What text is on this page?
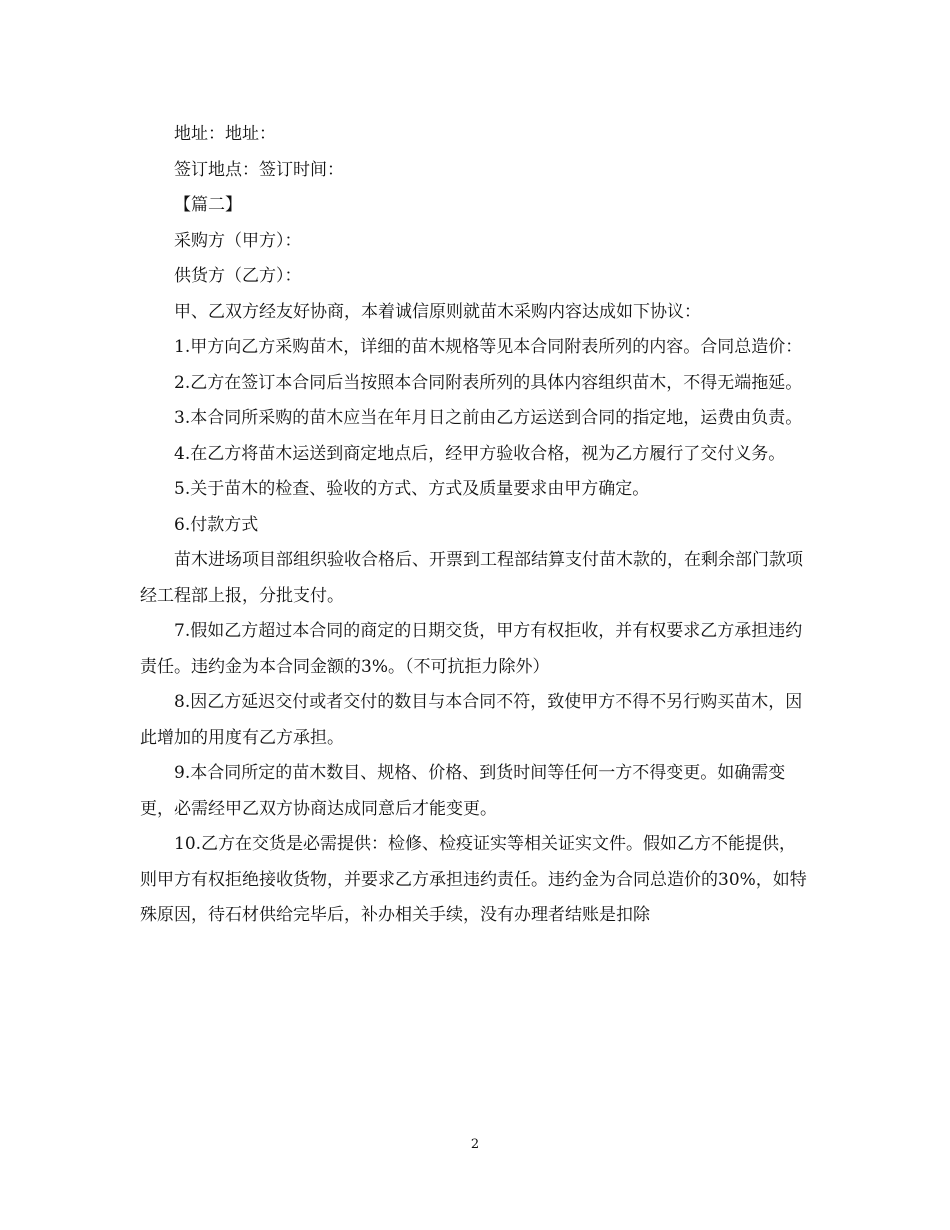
地址：地址：

签订地点：签订时间：

【篇二】

采购方（甲方）：

供货方（乙方）：

甲、乙双方经友好协商，本着诚信原则就苗木采购内容达成如下协议：

1.甲方向乙方采购苗木，详细的苗木规格等见本合同附表所列的内容。合同总造价：

2.乙方在签订本合同后当按照本合同附表所列的具体内容组织苗木，不得无端拖延。

3.本合同所采购的苗木应当在年月日之前由乙方运送到合同的指定地，运费由负责。

4.在乙方将苗木运送到商定地点后，经甲方验收合格，视为乙方履行了交付义务。

5.关于苗木的检查、验收的方式、方式及质量要求由甲方确定。

6.付款方式

苗木进场项目部组织验收合格后、开票到工程部结算支付苗木款的，在剩余部门款项经工程部上报，分批支付。

7.假如乙方超过本合同的商定的日期交货，甲方有权拒收，并有权要求乙方承担违约责任。违约金为本合同金额的3%。（不可抗拒力除外）

8.因乙方延迟交付或者交付的数目与本合同不符，致使甲方不得不另行购买苗木，因此增加的用度有乙方承担。

9.本合同所定的苗木数目、规格、价格、到货时间等任何一方不得变更。如确需变更，必需经甲乙双方协商达成同意后才能变更。

10.乙方在交货是必需提供：检修、检疫证实等相关证实文件。假如乙方不能提供，则甲方有权拒绝接收货物，并要求乙方承担违约责任。违约金为合同总造价的30%，如特殊原因，待石材供给完毕后，补办相关手续，没有办理者结账是扣除

2
